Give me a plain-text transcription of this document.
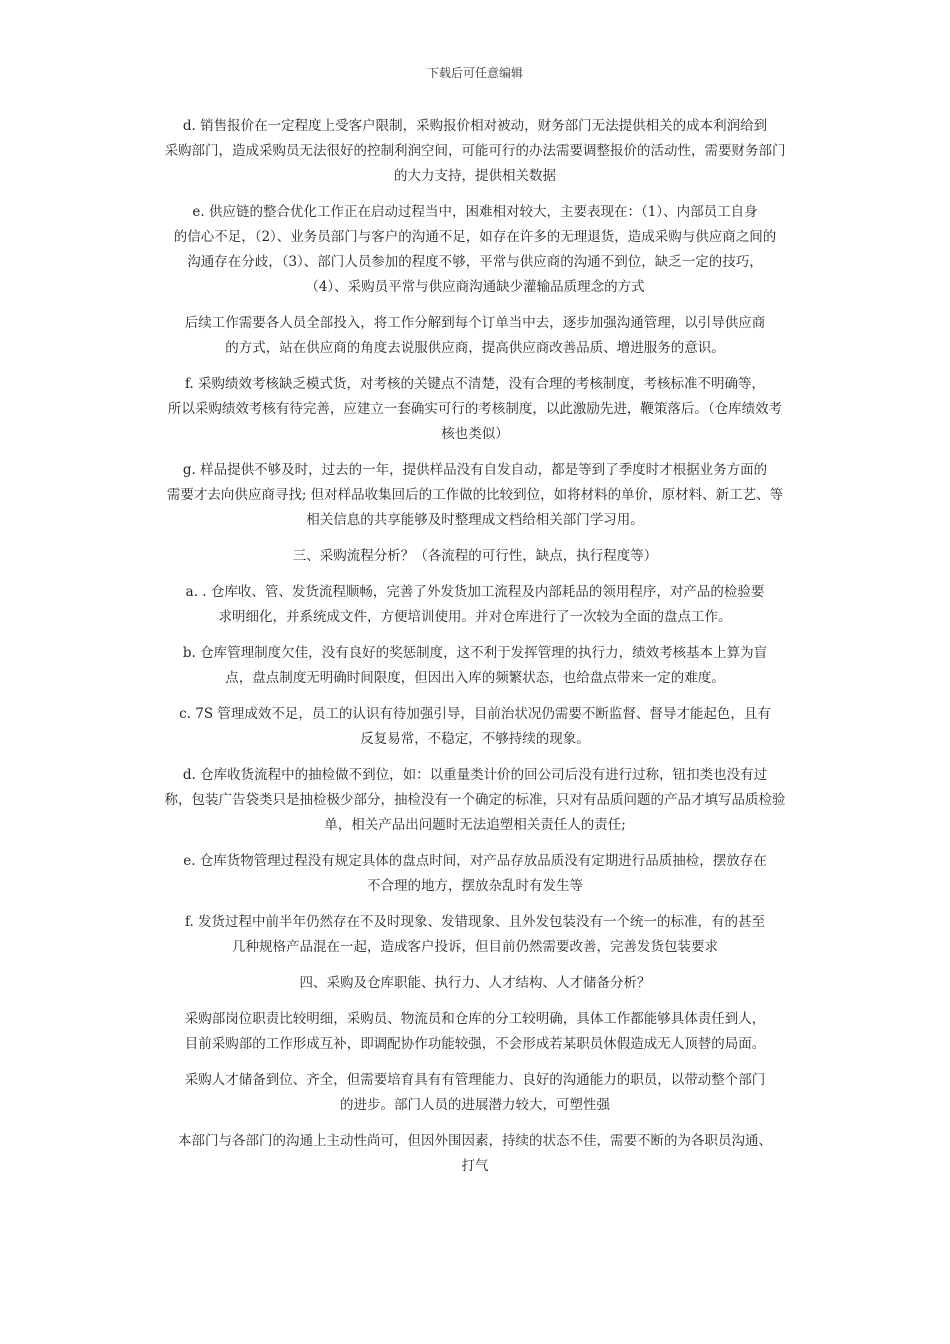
下载后可任意编辑
d. 销售报价在一定程度上受客户限制，采购报价相对被动，财务部门无法提供相关的成本利润给到
采购部门，造成采购员无法很好的控制利润空间，可能可行的办法需要调整报价的活动性，需要财务部门
的大力支持，提供相关数据
e. 供应链的整合优化工作正在启动过程当中，困难相对较大，主要表现在：（1）、内部员工自身
的信心不足，（2）、业务员部门与客户的沟通不足，如存在许多的无理退货，造成采购与供应商之间的
沟通存在分歧，（3）、部门人员参加的程度不够，平常与供应商的沟通不到位，缺乏一定的技巧，
（4）、采购员平常与供应商沟通缺少灌输品质理念的方式
后续工作需要各人员全部投入，将工作分解到每个订单当中去，逐步加强沟通管理，以引导供应商
的方式，站在供应商的角度去说服供应商，提高供应商改善品质、增进服务的意识。
f. 采购绩效考核缺乏模式货，对考核的关键点不清楚，没有合理的考核制度，考核标准不明确等，
所以采购绩效考核有待完善，应建立一套确实可行的考核制度，以此激励先进，鞭策落后。（仓库绩效考
核也类似）
g. 样品提供不够及时，过去的一年，提供样品没有自发自动，都是等到了季度时才根据业务方面的
需要才去向供应商寻找; 但对样品收集回后的工作做的比较到位，如将材料的单价，原材料、新工艺、等
相关信息的共享能够及时整理成文档给相关部门学习用。
三、采购流程分析？（各流程的可行性，缺点，执行程度等）
a. . 仓库收、管、发货流程顺畅，完善了外发货加工流程及内部耗品的领用程序，对产品的检验要
求明细化，并系统成文件，方便培训使用。并对仓库进行了一次较为全面的盘点工作。
b. 仓库管理制度欠佳，没有良好的奖惩制度，这不利于发挥管理的执行力，绩效考核基本上算为盲
点，盘点制度无明确时间限度，但因出入库的频繁状态，也给盘点带来一定的难度。
c. 7S 管理成效不足，员工的认识有待加强引导，目前治状况仍需要不断监督、督导才能起色，且有
反复易常，不稳定，不够持续的现象。
d. 仓库收货流程中的抽检做不到位，如：以重量类计价的回公司后没有进行过称，钮扣类也没有过
称，包装广告袋类只是抽检极少部分，抽检没有一个确定的标准，只对有品质问题的产品才填写品质检验
单，相关产品出问题时无法追塑相关责任人的责任;
e. 仓库货物管理过程没有规定具体的盘点时间，对产品存放品质没有定期进行品质抽检，摆放存在
不合理的地方，摆放杂乱时有发生等
f. 发货过程中前半年仍然存在不及时现象、发错现象、且外发包装没有一个统一的标准，有的甚至
几种规格产品混在一起，造成客户投诉，但目前仍然需要改善，完善发货包装要求
四、采购及仓库职能、执行力、人才结构、人才储备分析？
采购部岗位职责比较明细，采购员、物流员和仓库的分工较明确，具体工作都能够具体责任到人，
目前采购部的工作形成互补，即调配协作功能较强，不会形成若某职员休假造成无人顶替的局面。
采购人才储备到位、齐全，但需要培育具有有管理能力、良好的沟通能力的职员，以带动整个部门
的进步。部门人员的进展潜力较大，可塑性强
本部门与各部门的沟通上主动性尚可，但因外围因素，持续的状态不佳，需要不断的为各职员沟通、
打气
